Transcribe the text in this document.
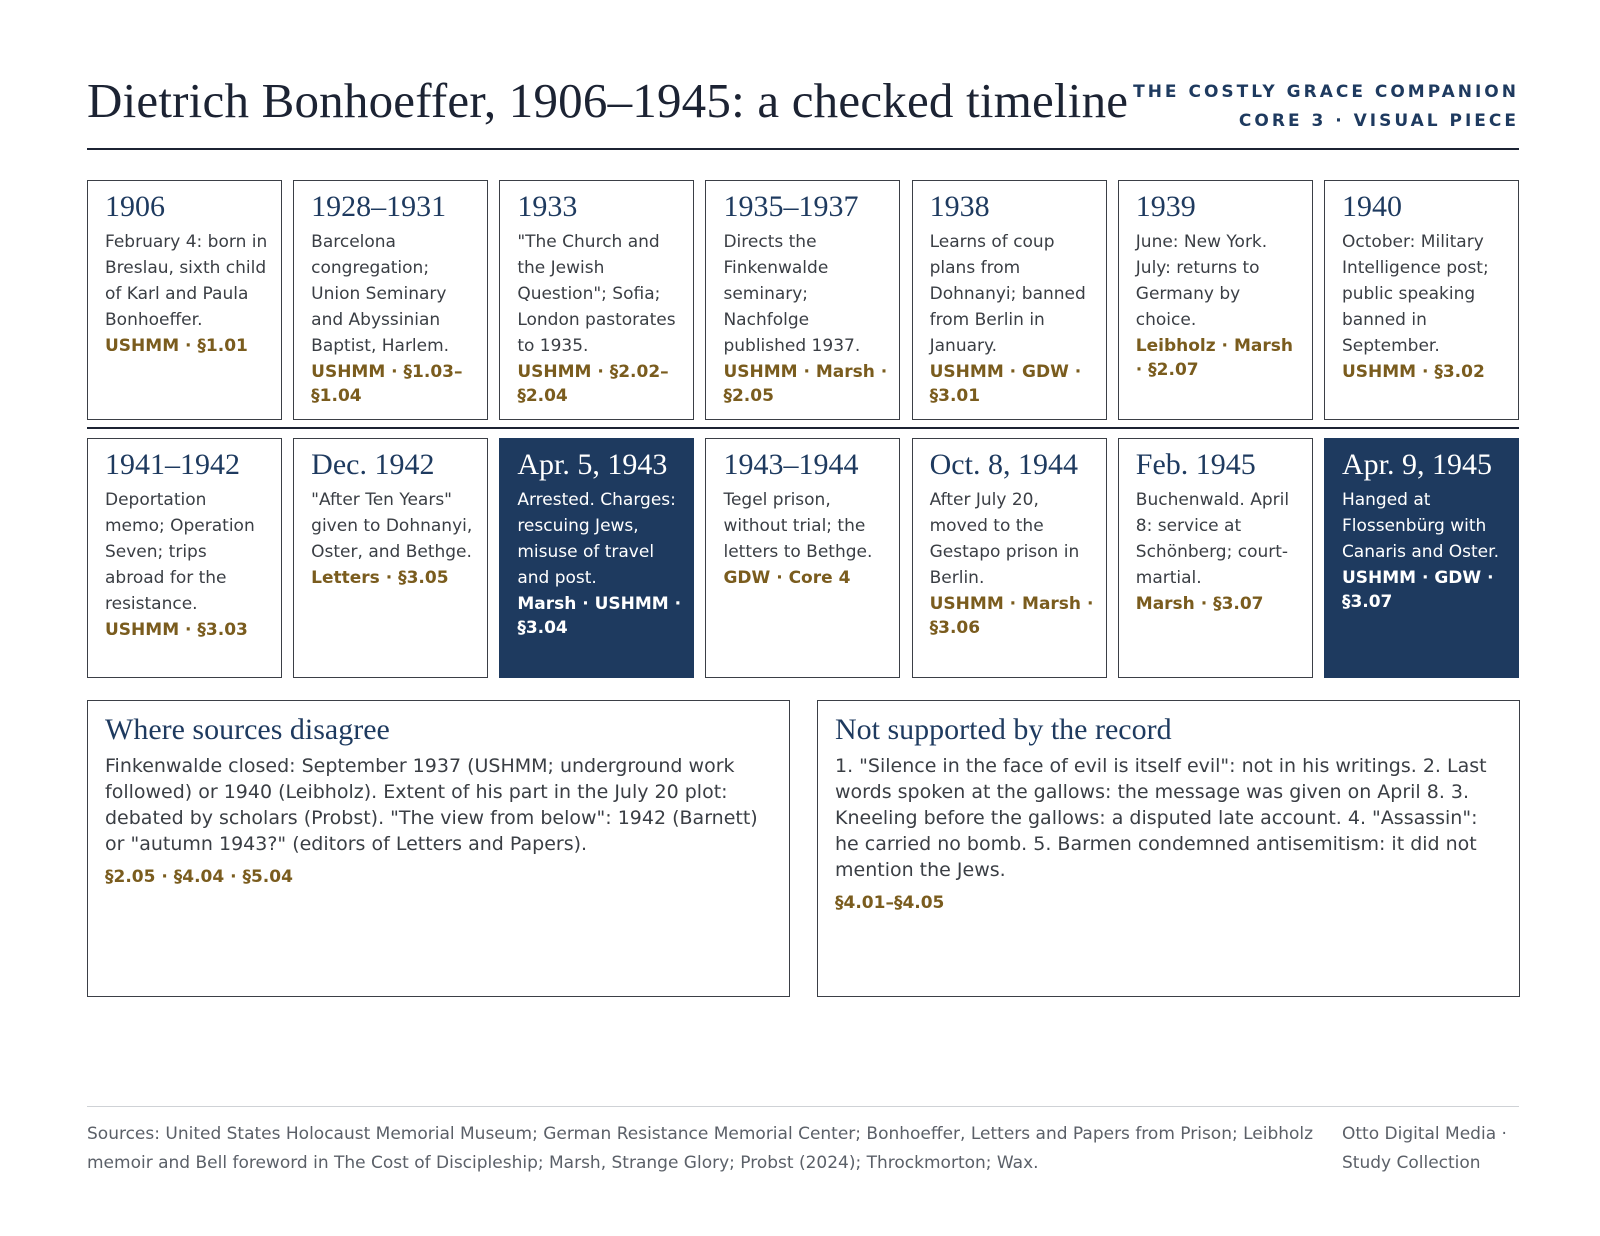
Dietrich Bonhoeffer, 1906–1945: a checked timeline THE COSTLY GRACE COMPANION
CORE 3 · VISUAL PIECE
1906
February 4: born in Breslau, sixth child of Karl and Paula Bonhoeffer.
USHMM · §1.01
1928–1931
Barcelona congregation; Union Seminary and Abyssinian Baptist, Harlem.
USHMM · §1.03–§1.04
1933
"The Church and the Jewish Question"; Sofia; London pastorates to 1935.
USHMM · §2.02–§2.04
1935–1937
Directs the Finkenwalde seminary; Nachfolge published 1937.
USHMM · Marsh · §2.05
1938
Learns of coup plans from Dohnanyi; banned from Berlin in January.
USHMM · GDW · §3.01
1939
June: New York. July: returns to Germany by choice.
Leibholz · Marsh · §2.07
1940
October: Military Intelligence post; public speaking banned in September.
USHMM · §3.02
1941–1942
Deportation memo; Operation Seven; trips abroad for the resistance.
USHMM · §3.03
Dec. 1942
"After Ten Years" given to Dohnanyi, Oster, and Bethge.
Letters · §3.05
Apr. 5, 1943
Arrested. Charges: rescuing Jews, misuse of travel and post.
Marsh · USHMM · §3.04
1943–1944
Tegel prison, without trial; the letters to Bethge.
GDW · Core 4
Oct. 8, 1944
After July 20, moved to the Gestapo prison in Berlin.
USHMM · Marsh · §3.06
Feb. 1945
Buchenwald. April 8: service at Schönberg; court-martial.
Marsh · §3.07
Apr. 9, 1945
Hanged at Flossenbürg with Canaris and Oster.
USHMM · GDW · §3.07
Where sources disagree
Finkenwalde closed: September 1937 (USHMM; underground work followed) or 1940 (Leibholz). Extent of his part in the July 20 plot: debated by scholars (Probst). "The view from below": 1942 (Barnett) or "autumn 1943?" (editors of Letters and Papers).
§2.05 · §4.04 · §5.04
Not supported by the record
1. "Silence in the face of evil is itself evil": not in his writings. 2. Last words spoken at the gallows: the message was given on April 8. 3. Kneeling before the gallows: a disputed late account. 4. "Assassin": he carried no bomb. 5. Barmen condemned antisemitism: it did not mention the Jews.
§4.01–§4.05
Sources: United States Holocaust Memorial Museum; German Resistance Memorial Center; Bonhoeffer, Letters and Papers from Prison; Leibholz memoir and Bell foreword in The Cost of Discipleship; Marsh, Strange Glory; Probst (2024); Throckmorton; Wax.
Otto Digital Media · Study Collection
